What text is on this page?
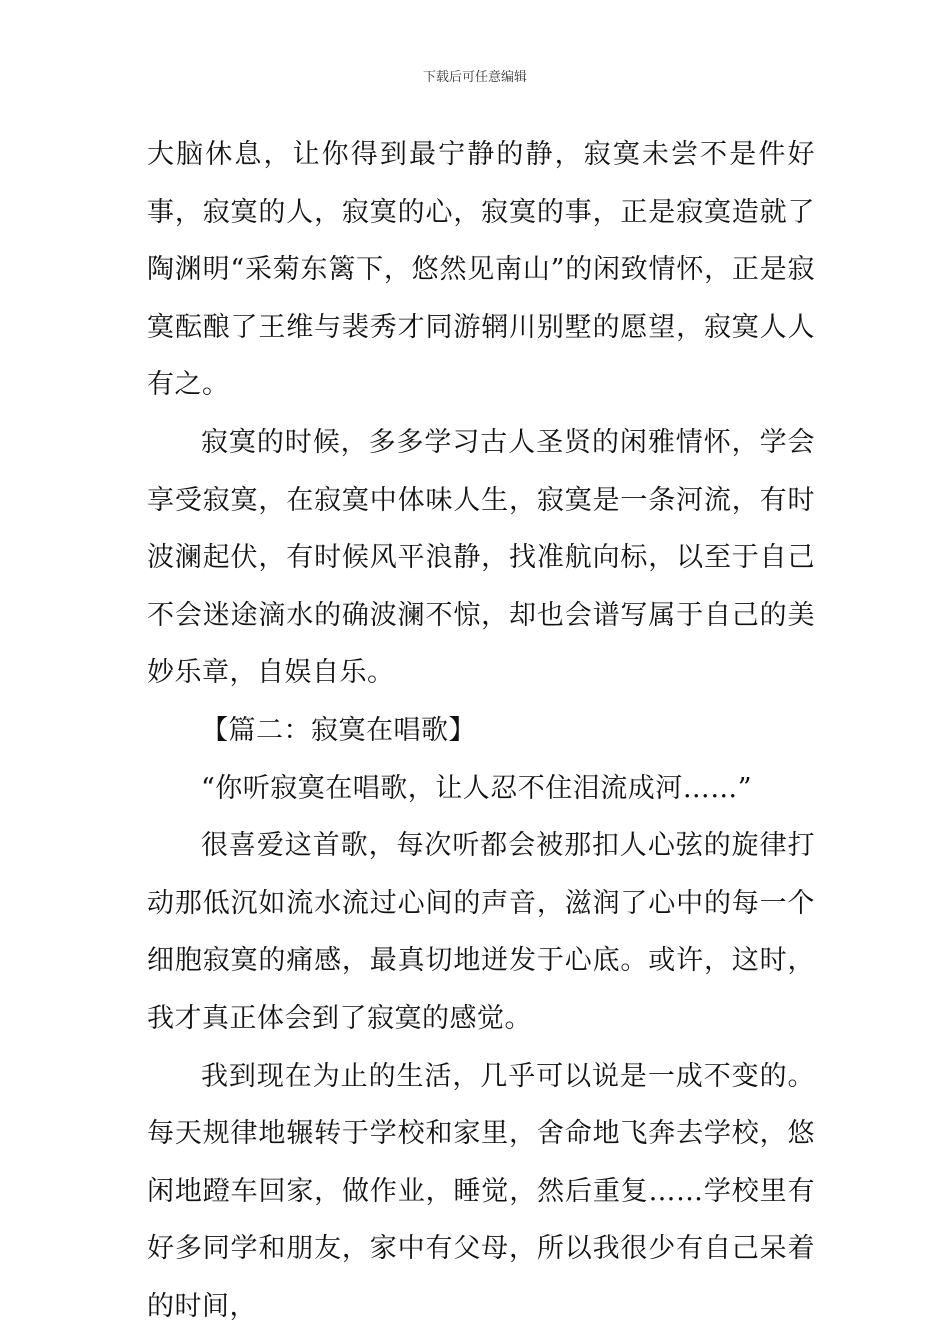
下载后可任意编辑

大脑休息，让你得到最宁静的静，寂寞未尝不是件好事，寂寞的人，寂寞的心，寂寞的事，正是寂寞造就了陶渊明“采菊东篱下，悠然见南山”的闲致情怀，正是寂寞酝酿了王维与裴秀才同游辋川别墅的愿望，寂寞人人有之。

寂寞的时候，多多学习古人圣贤的闲雅情怀，学会享受寂寞，在寂寞中体味人生，寂寞是一条河流，有时波澜起伏，有时候风平浪静，找准航向标，以至于自己不会迷途滴水的确波澜不惊，却也会谱写属于自己的美妙乐章，自娱自乐。

【篇二：寂寞在唱歌】

“你听寂寞在唱歌，让人忍不住泪流成河……”

很喜爱这首歌，每次听都会被那扣人心弦的旋律打动那低沉如流水流过心间的声音，滋润了心中的每一个细胞寂寞的痛感，最真切地迸发于心底。或许，这时，我才真正体会到了寂寞的感觉。

我到现在为止的生活，几乎可以说是一成不变的。每天规律地辗转于学校和家里，舍命地飞奔去学校，悠闲地蹬车回家，做作业，睡觉，然后重复……学校里有好多同学和朋友，家中有父母，所以我很少有自己呆着的时间，
